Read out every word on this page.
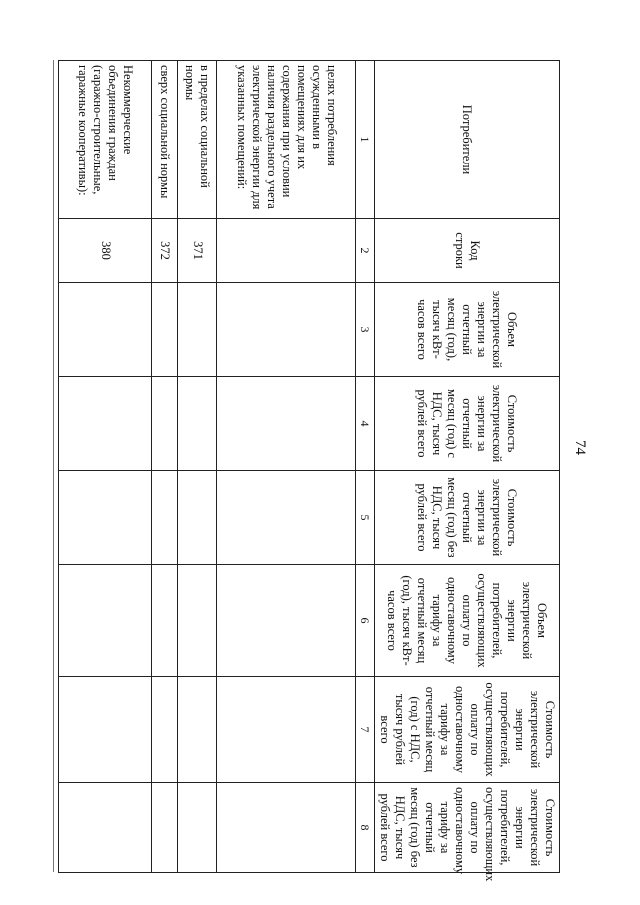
74
Потребители	Код строки	Объем электрической энергии за отчетный месяц (год), тысяч кВт-часов всего	Стоимость электрической энергии за отчетный месяц (год) с НДС, тысяч рублей всего	Стоимость электрической энергии за отчетный месяц (год) без НДС, тысяч рублей всего	Объем электрической энергии потребителей, осуществляющих оплату по одноставочному тарифу за отчетный месяц (год), тысяч кВт-часов всего	Стоимость электрической энергии потребителей, осуществляющих оплату по одноставочному тарифу за отчетный месяц (год) с НДС, тысяч рублей всего	Стоимость электрической энергии потребителей, осуществляющих оплату по одноставочному тарифу за отчетный месяц (год) без НДС, тысяч рублей всего
1	2	3	4	5	6	7	8
целях потребления осужденными в помещениях для их содержания при условии наличия раздельного учета электрической энергии для указанных помещений:							
в пределах социальной нормы	371						
сверх социальной нормы	372						
Некоммерческие объединения граждан (гаражно-строительные, гаражные кооперативы):	380						
